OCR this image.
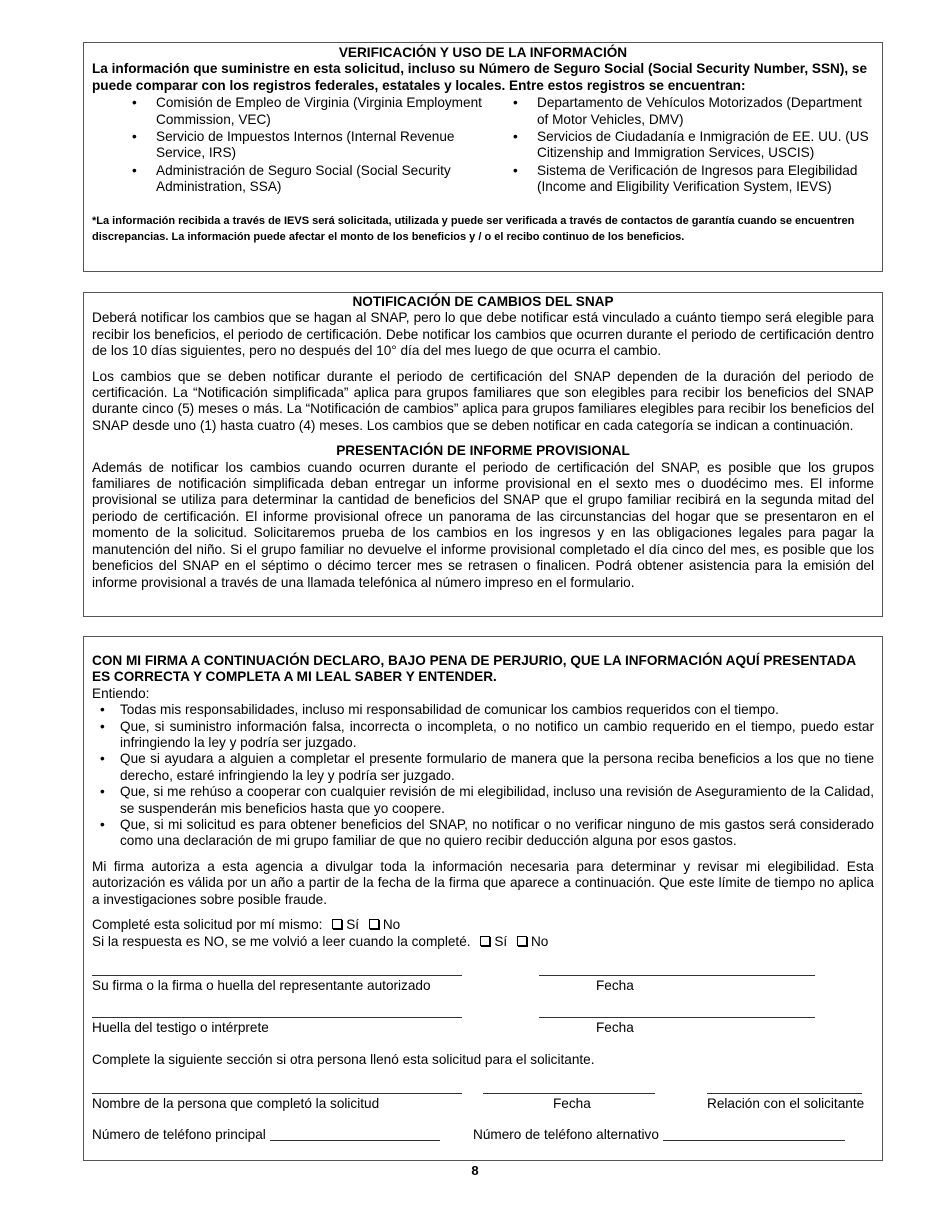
VERIFICACIÓN Y USO DE LA INFORMACIÓN
La información que suministre en esta solicitud, incluso su Número de Seguro Social (Social Security Number, SSN), se puede comparar con los registros federales, estatales y locales. Entre estos registros se encuentran:
• Comisión de Empleo de Virginia (Virginia Employment Commission, VEC)
• Servicio de Impuestos Internos (Internal Revenue Service, IRS)
• Administración de Seguro Social (Social Security Administration, SSA)
• Departamento de Vehículos Motorizados (Department of Motor Vehicles, DMV)
• Servicios de Ciudadanía e Inmigración de EE. UU. (US Citizenship and Immigration Services, USCIS)
• Sistema de Verificación de Ingresos para Elegibilidad (Income and Eligibility Verification System, IEVS)
*La información recibida a través de IEVS será solicitada, utilizada y puede ser verificada a través de contactos de garantía cuando se encuentren discrepancias. La información puede afectar el monto de los beneficios y / o el recibo continuo de los beneficios.
NOTIFICACIÓN DE CAMBIOS DEL SNAP

Deberá notificar los cambios que se hagan al SNAP, pero lo que debe notificar está vinculado a cuánto tiempo será elegible para recibir los beneficios, el periodo de certificación. Debe notificar los cambios que ocurren durante el periodo de certificación dentro de los 10 días siguientes, pero no después del 10° día del mes luego de que ocurra el cambio.

Los cambios que se deben notificar durante el periodo de certificación del SNAP dependen de la duración del periodo de certificación. La “Notificación simplificada” aplica para grupos familiares que son elegibles para recibir los beneficios del SNAP durante cinco (5) meses o más. La “Notificación de cambios” aplica para grupos familiares elegibles para recibir los beneficios del SNAP desde uno (1) hasta cuatro (4) meses. Los cambios que se deben notificar en cada categoría se indican a continuación.

PRESENTACIÓN DE INFORME PROVISIONAL

Además de notificar los cambios cuando ocurren durante el periodo de certificación del SNAP, es posible que los grupos familiares de notificación simplificada deban entregar un informe provisional en el sexto mes o duodécimo mes. El informe provisional se utiliza para determinar la cantidad de beneficios del SNAP que el grupo familiar recibirá en la segunda mitad del periodo de certificación. El informe provisional ofrece un panorama de las circunstancias del hogar que se presentaron en el momento de la solicitud. Solicitaremos prueba de los cambios en los ingresos y en las obligaciones legales para pagar la manutención del niño. Si el grupo familiar no devuelve el informe provisional completado el día cinco del mes, es posible que los beneficios del SNAP en el séptimo o décimo tercer mes se retrasen o finalicen. Podrá obtener asistencia para la emisión del informe provisional a través de una llamada telefónica al número impreso en el formulario.

CON MI FIRMA A CONTINUACIÓN DECLARO, BAJO PENA DE PERJURIO, QUE LA INFORMACIÓN AQUÍ PRESENTADA ES CORRECTA Y COMPLETA A MI LEAL SABER Y ENTENDER.
Entiendo:
• Todas mis responsabilidades, incluso mi responsabilidad de comunicar los cambios requeridos con el tiempo.
• Que, si suministro información falsa, incorrecta o incompleta, o no notifico un cambio requerido en el tiempo, puedo estar infringiendo la ley y podría ser juzgado.
• Que si ayudara a alguien a completar el presente formulario de manera que la persona reciba beneficios a los que no tiene derecho, estaré infringiendo la ley y podría ser juzgado.
• Que, si me rehúso a cooperar con cualquier revisión de mi elegibilidad, incluso una revisión de Aseguramiento de la Calidad, se suspenderán mis beneficios hasta que yo coopere.
• Que, si mi solicitud es para obtener beneficios del SNAP, no notificar o no verificar ninguno de mis gastos será considerado como una declaración de mi grupo familiar de que no quiero recibir deducción alguna por esos gastos.

Mi firma autoriza a esta agencia a divulgar toda la información necesaria para determinar y revisar mi elegibilidad. Esta autorización es válida por un año a partir de la fecha de la firma que aparece a continuación. Que este límite de tiempo no aplica a investigaciones sobre posible fraude.

Completé esta solicitud por mí mismo: Sí No
Si la respuesta es NO, se me volvió a leer cuando la completé. Sí No
Su firma o la firma o huella del representante autorizado	Fecha
Huella del testigo o intérprete	Fecha
Complete la siguiente sección si otra persona llenó esta solicitud para el solicitante.
Nombre de la persona que completó la solicitud	Fecha	Relación con el solicitante
Número de teléfono principal	Número de teléfono alternativo
8
